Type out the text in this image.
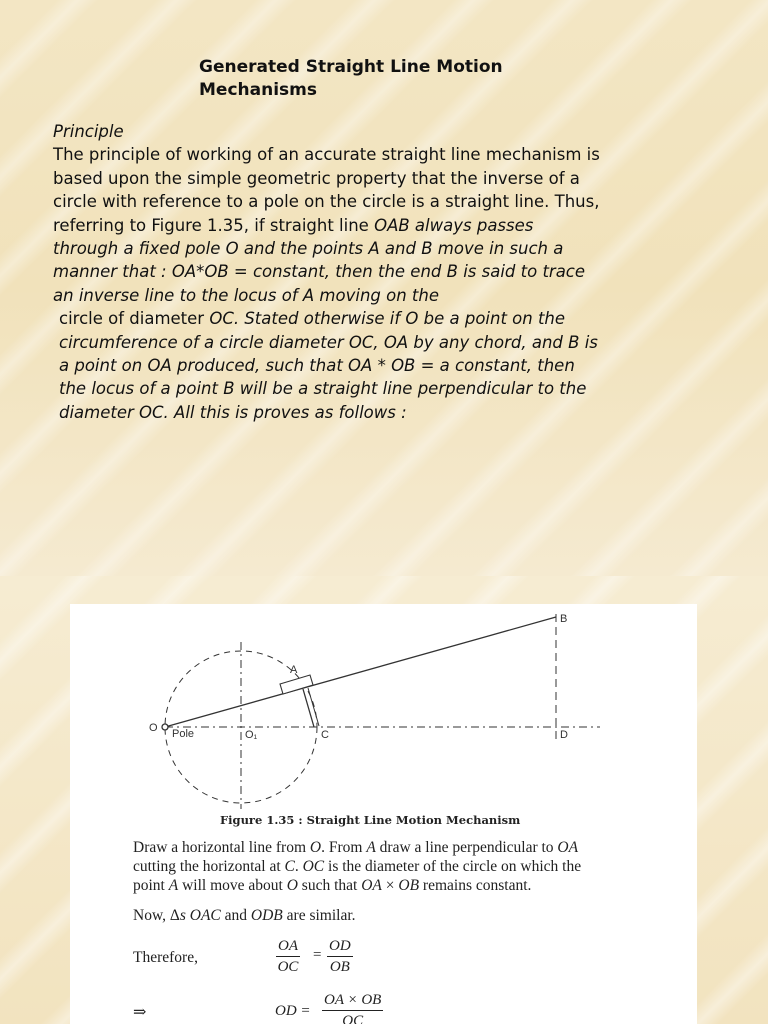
Generated Straight Line Motion
Mechanisms

Principle

The principle of working of an accurate straight line mechanism is

based upon the simple geometric property that the inverse of a

circle with reference to a pole on the circle is a straight line. Thus,

referring to Figure 1.35, if straight line OAB always passes

through a fixed pole O and the points A and B move in such a

manner that : OA*OB = constant, then the end B is said to trace

an inverse line to the locus of A moving on the

circle of diameter OC. Stated otherwise if O be a point on the

circumference of a circle diameter OC, OA by any chord, and B is

a point on OA produced, such that OA * OB = a constant, then

the locus of a point B will be a straight line perpendicular to the

diameter OC. All this is proves as follows :

B
A
O Pole	O₁	C	D
Figure 1.35 : Straight Line Motion Mechanism
Draw a horizontal line from O. From A draw a line perpendicular to OA
cutting the horizontal at C. OC is the diameter of the circle on which the
point A will move about O such that OA × OB remains constant.
Now, Δs OAC and ODB are similar.
Therefore,	$\frac{OA}{OC} = \frac{OD}{OB}$
⇒	OD = $\frac{OA \times OB}{OC}$
